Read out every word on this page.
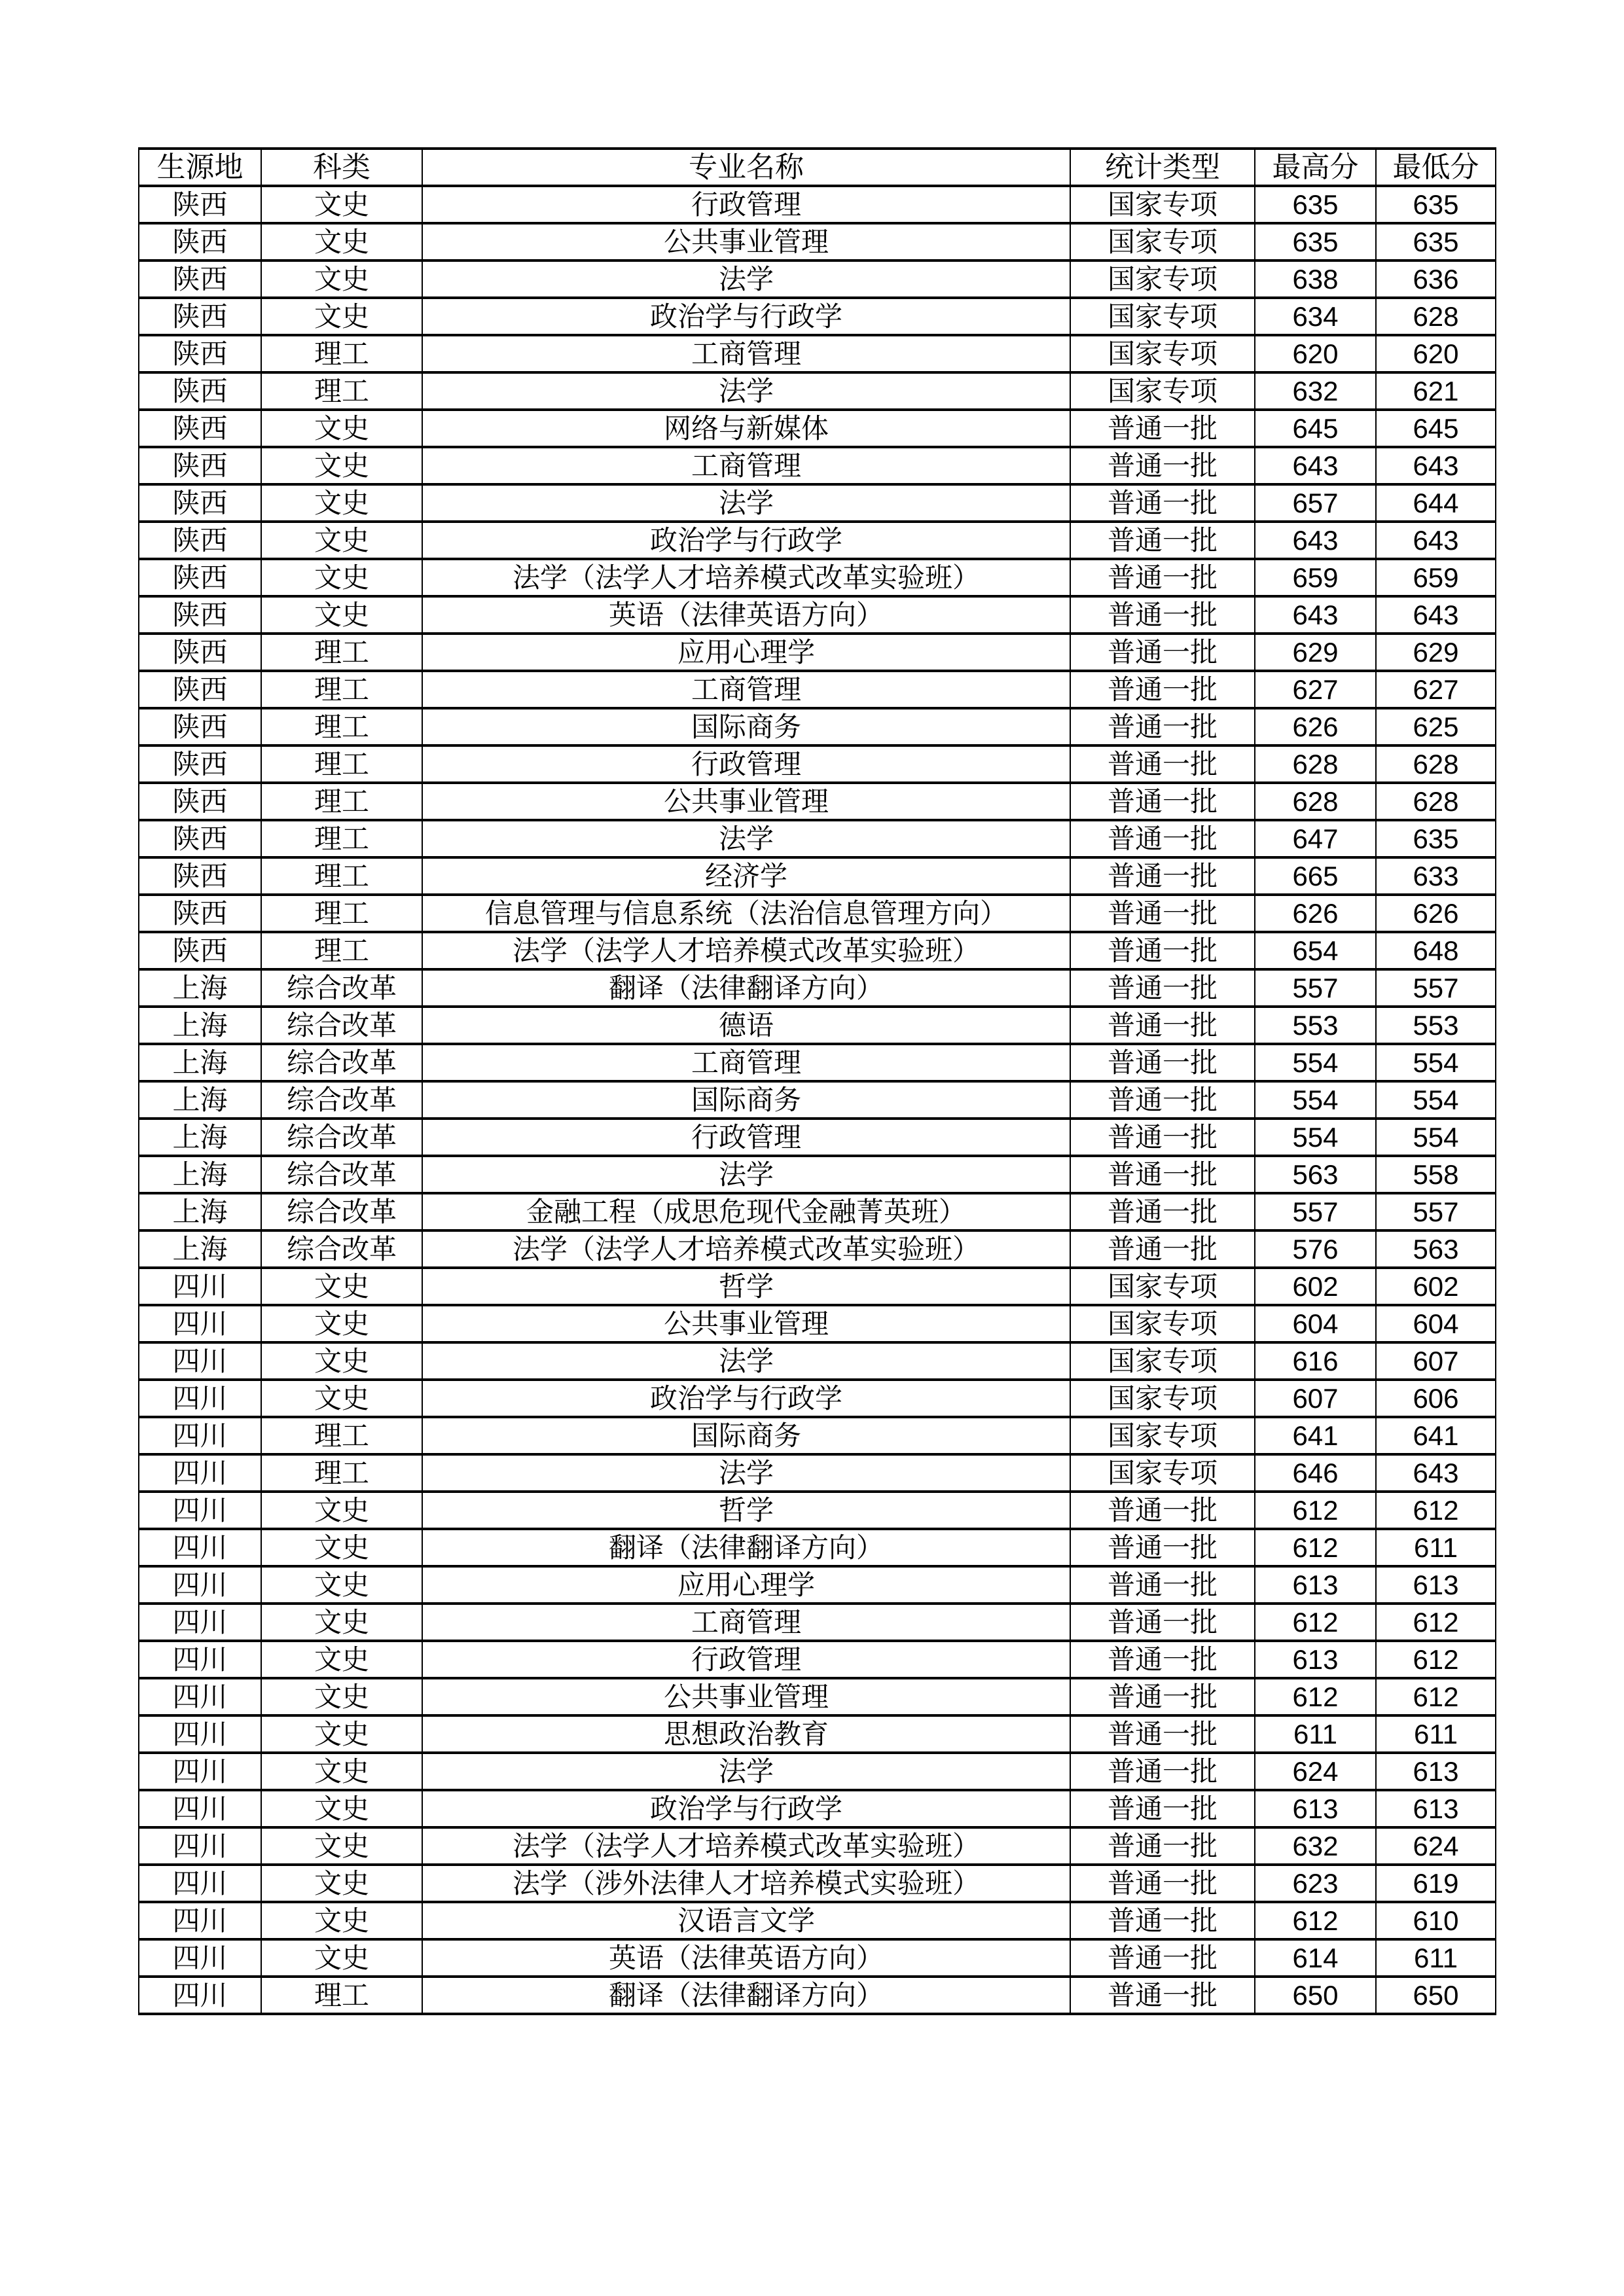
生源地	科类	专业名称	统计类型	最高分	最低分
陕西	文史	行政管理	国家专项	635	635
陕西	文史	公共事业管理	国家专项	635	635
陕西	文史	法学	国家专项	638	636
陕西	文史	政治学与行政学	国家专项	634	628
陕西	理工	工商管理	国家专项	620	620
陕西	理工	法学	国家专项	632	621
陕西	文史	网络与新媒体	普通一批	645	645
陕西	文史	工商管理	普通一批	643	643
陕西	文史	法学	普通一批	657	644
陕西	文史	政治学与行政学	普通一批	643	643
陕西	文史	法学（法学人才培养模式改革实验班）	普通一批	659	659
陕西	文史	英语（法律英语方向）	普通一批	643	643
陕西	理工	应用心理学	普通一批	629	629
陕西	理工	工商管理	普通一批	627	627
陕西	理工	国际商务	普通一批	626	625
陕西	理工	行政管理	普通一批	628	628
陕西	理工	公共事业管理	普通一批	628	628
陕西	理工	法学	普通一批	647	635
陕西	理工	经济学	普通一批	665	633
陕西	理工	信息管理与信息系统（法治信息管理方向）	普通一批	626	626
陕西	理工	法学（法学人才培养模式改革实验班）	普通一批	654	648
上海	综合改革	翻译（法律翻译方向）	普通一批	557	557
上海	综合改革	德语	普通一批	553	553
上海	综合改革	工商管理	普通一批	554	554
上海	综合改革	国际商务	普通一批	554	554
上海	综合改革	行政管理	普通一批	554	554
上海	综合改革	法学	普通一批	563	558
上海	综合改革	金融工程（成思危现代金融菁英班）	普通一批	557	557
上海	综合改革	法学（法学人才培养模式改革实验班）	普通一批	576	563
四川	文史	哲学	国家专项	602	602
四川	文史	公共事业管理	国家专项	604	604
四川	文史	法学	国家专项	616	607
四川	文史	政治学与行政学	国家专项	607	606
四川	理工	国际商务	国家专项	641	641
四川	理工	法学	国家专项	646	643
四川	文史	哲学	普通一批	612	612
四川	文史	翻译（法律翻译方向）	普通一批	612	611
四川	文史	应用心理学	普通一批	613	613
四川	文史	工商管理	普通一批	612	612
四川	文史	行政管理	普通一批	613	612
四川	文史	公共事业管理	普通一批	612	612
四川	文史	思想政治教育	普通一批	611	611
四川	文史	法学	普通一批	624	613
四川	文史	政治学与行政学	普通一批	613	613
四川	文史	法学（法学人才培养模式改革实验班）	普通一批	632	624
四川	文史	法学（涉外法律人才培养模式实验班）	普通一批	623	619
四川	文史	汉语言文学	普通一批	612	610
四川	文史	英语（法律英语方向）	普通一批	614	611
四川	理工	翻译（法律翻译方向）	普通一批	650	650
